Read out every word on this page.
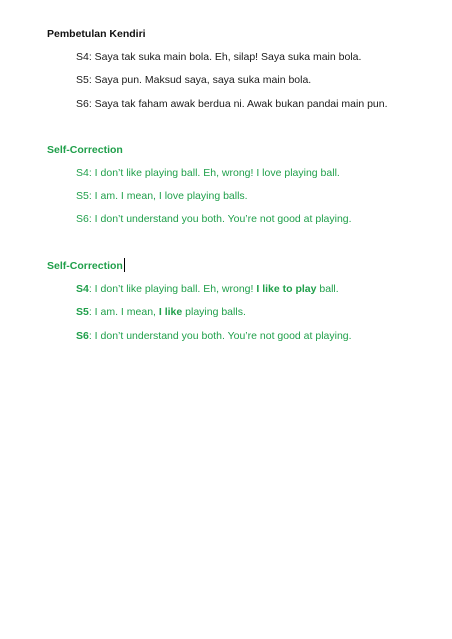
Pembetulan Kendiri
S4: Saya tak suka main bola. Eh, silap! Saya suka main bola.
S5: Saya pun. Maksud saya, saya suka main bola.
S6: Saya tak faham awak berdua ni. Awak bukan pandai main pun.
Self-Correction
S4: I don’t like playing ball. Eh, wrong! I love playing ball.
S5: I am. I mean, I love playing balls.
S6: I don’t understand you both. You’re not good at playing.
Self-Correction
S4: I don’t like playing ball. Eh, wrong! I like to play ball.
S5: I am. I mean, I like playing balls.
S6: I don’t understand you both. You’re not good at playing.
